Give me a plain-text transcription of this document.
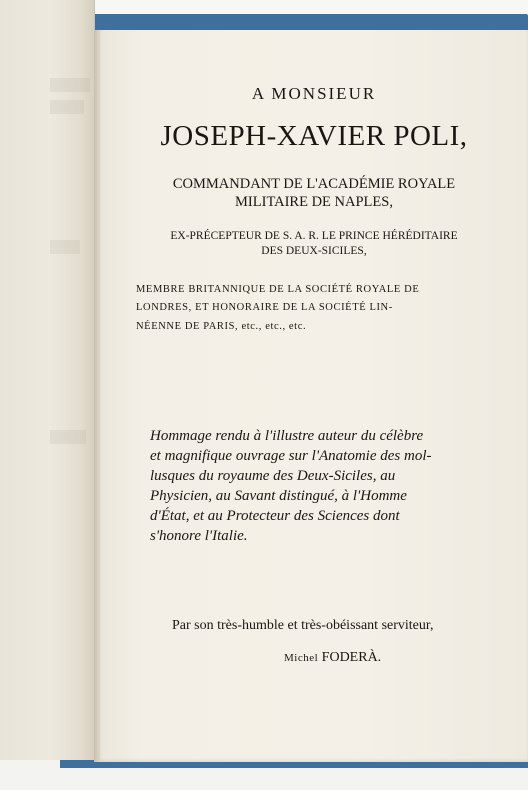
A MONSIEUR
JOSEPH-XAVIER POLI,
COMMANDANT DE L'ACADÉMIE ROYALE
MILITAIRE DE NAPLES,
EX-PRÉCEPTEUR DE S. A. R. LE PRINCE HÉRÉDITAIRE
DES DEUX-SICILES,
MEMBRE BRITANNIQUE DE LA SOCIÉTÉ ROYALE DE
LONDRES, ET HONORAIRE DE LA SOCIÉTÉ LIN-
NÉENNE DE PARIS, etc., etc., etc.
Hommage rendu à l'illustre auteur du célèbre
et magnifique ouvrage sur l'Anatomie des mol-
lusques du royaume des Deux-Siciles, au
Physicien, au Savant distingué, à l'Homme
d'État, et au Protecteur des Sciences dont
s'honore l'Italie.
Par son très-humble et très-obéissant serviteur,
Michel FODERÀ.
